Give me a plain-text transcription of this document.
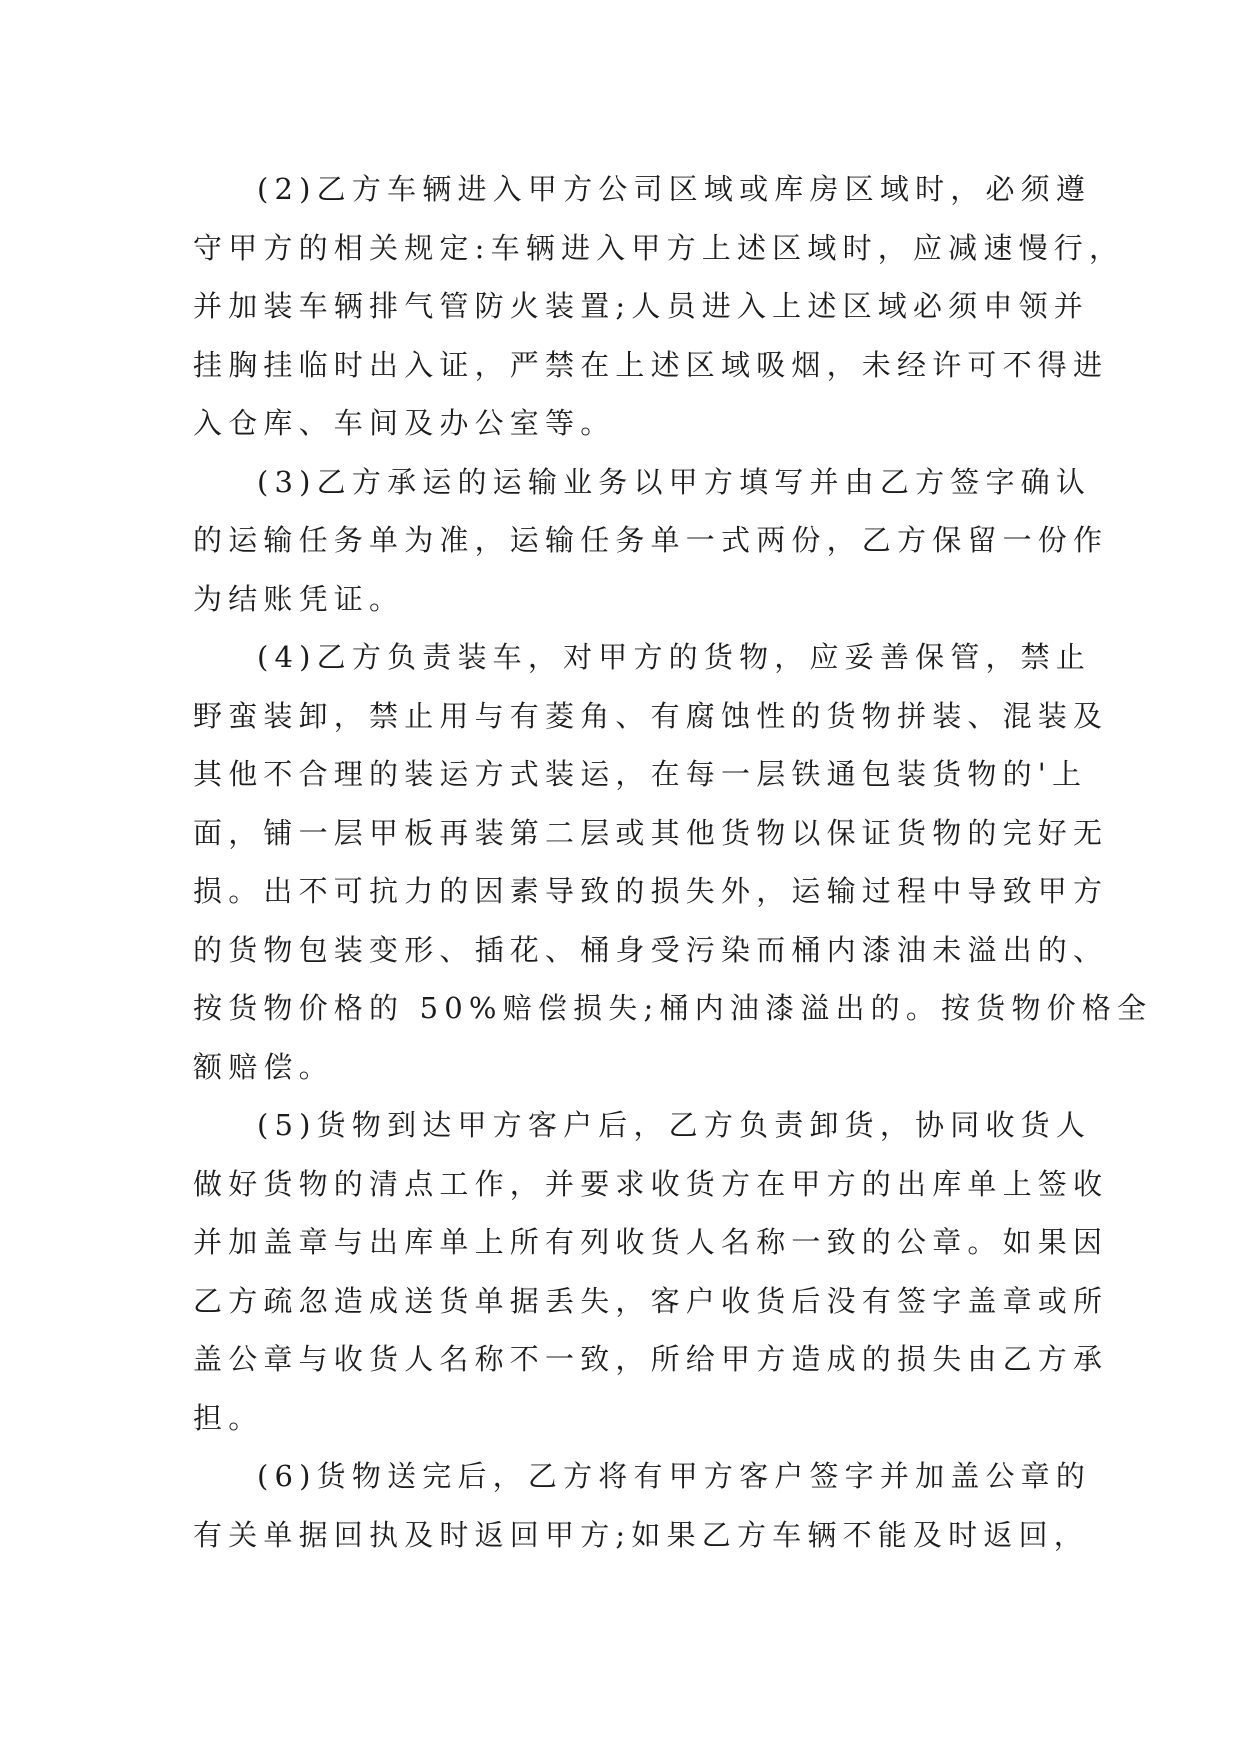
(2)乙方车辆进入甲方公司区域或库房区域时，必须遵
守甲方的相关规定:车辆进入甲方上述区域时，应减速慢行，
并加装车辆排气管防火装置;人员进入上述区域必须申领并
挂胸挂临时出入证，严禁在上述区域吸烟，未经许可不得进
入仓库、车间及办公室等。
(3)乙方承运的运输业务以甲方填写并由乙方签字确认
的运输任务单为准，运输任务单一式两份，乙方保留一份作
为结账凭证。
(4)乙方负责装车，对甲方的货物，应妥善保管，禁止
野蛮装卸，禁止用与有菱角、有腐蚀性的货物拼装、混装及
其他不合理的装运方式装运，在每一层铁通包装货物的'上
面，铺一层甲板再装第二层或其他货物以保证货物的完好无
损。出不可抗力的因素导致的损失外，运输过程中导致甲方
的货物包装变形、插花、桶身受污染而桶内漆油未溢出的、
按货物价格的 50%赔偿损失;桶内油漆溢出的。按货物价格全
额赔偿。
(5)货物到达甲方客户后，乙方负责卸货，协同收货人
做好货物的清点工作，并要求收货方在甲方的出库单上签收
并加盖章与出库单上所有列收货人名称一致的公章。如果因
乙方疏忽造成送货单据丢失，客户收货后没有签字盖章或所
盖公章与收货人名称不一致，所给甲方造成的损失由乙方承
担。
(6)货物送完后，乙方将有甲方客户签字并加盖公章的
有关单据回执及时返回甲方;如果乙方车辆不能及时返回，
